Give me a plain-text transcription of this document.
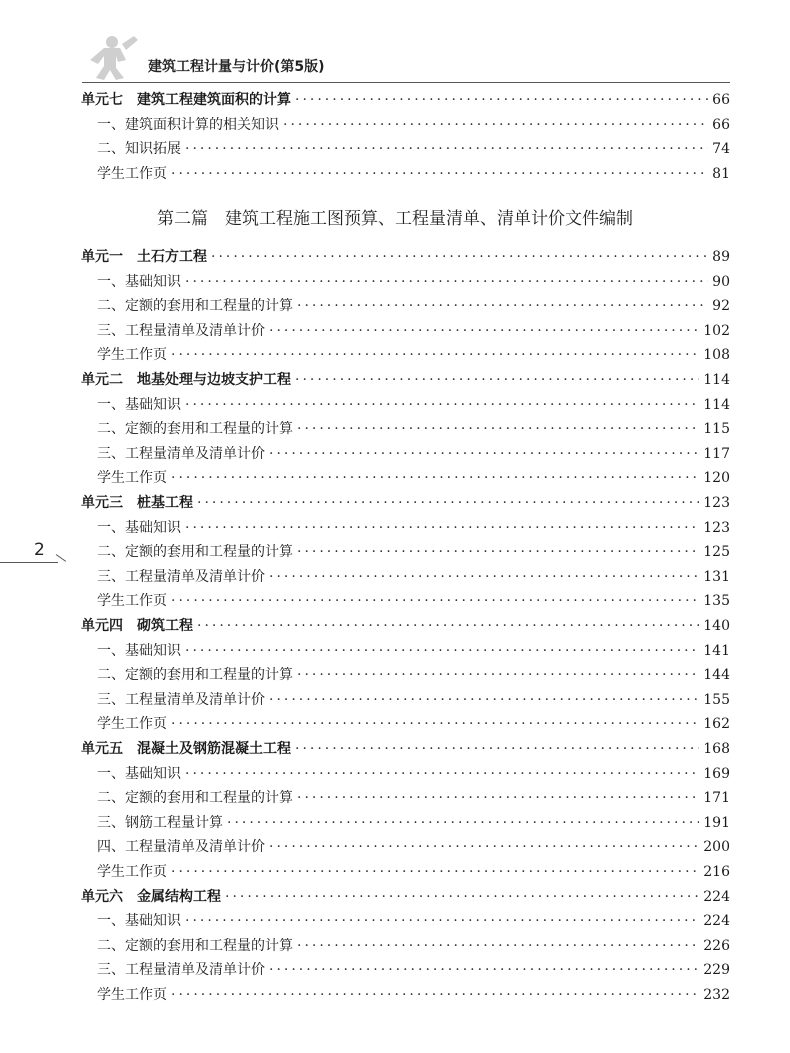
建筑工程计量与计价(第5版)
2
第二篇　建筑工程施工图预算、工程量清单、清单计价文件编制
单元七　建筑工程建筑面积的计算 ·····	66
一、建筑面积计算的相关知识 ·····	66
二、知识拓展 ·····	74
学生工作页 ·····	81
单元一　土石方工程 ·····	89
一、基础知识 ·····	90
二、定额的套用和工程量的计算 ·····	92
三、工程量清单及清单计价 ·····	102
学生工作页 ·····	108
单元二　地基处理与边坡支护工程 ·····	114
一、基础知识 ·····	114
二、定额的套用和工程量的计算 ·····	115
三、工程量清单及清单计价 ·····	117
学生工作页 ·····	120
单元三　桩基工程 ·····	123
一、基础知识 ·····	123
二、定额的套用和工程量的计算 ·····	125
三、工程量清单及清单计价 ·····	131
学生工作页 ·····	135
单元四　砌筑工程 ·····	140
一、基础知识 ·····	141
二、定额的套用和工程量的计算 ·····	144
三、工程量清单及清单计价 ·····	155
学生工作页 ·····	162
单元五　混凝土及钢筋混凝土工程 ·····	168
一、基础知识 ·····	169
二、定额的套用和工程量的计算 ·····	171
三、钢筋工程量计算 ·····	191
四、工程量清单及清单计价 ·····	200
学生工作页 ·····	216
单元六　金属结构工程 ·····	224
一、基础知识 ·····	224
二、定额的套用和工程量的计算 ·····	226
三、工程量清单及清单计价 ·····	229
学生工作页 ·····	232
